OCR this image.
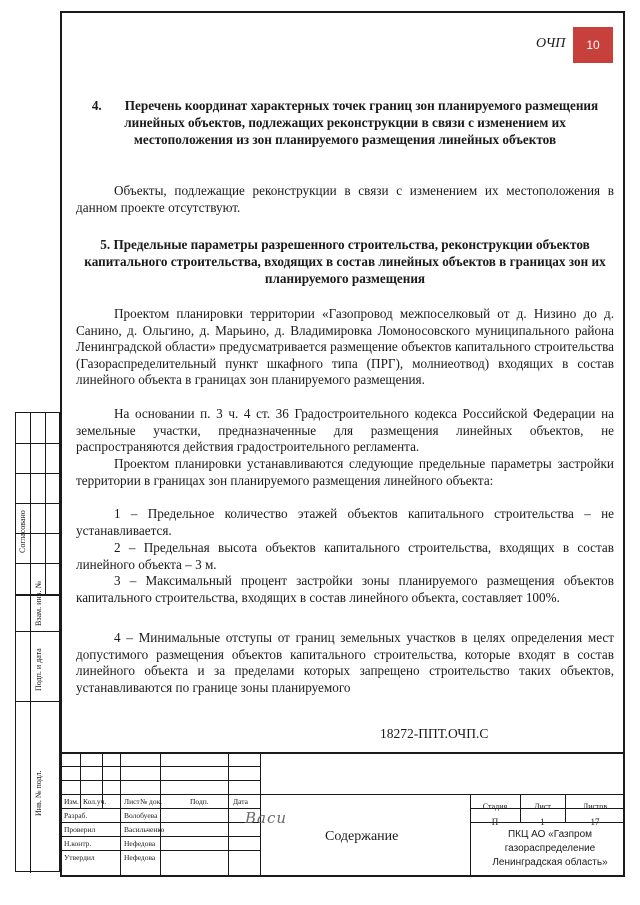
ОЧП	10
4.       Перечень координат характерных точек границ зон планируемого размещения линейных объектов, подлежащих реконструкции в связи с изменением их местоположения из зон планируемого размещения линейных объектов
Объекты, подлежащие реконструкции в связи с изменением их местоположения в данном проекте отсутствуют.
5. Предельные параметры разрешенного строительства, реконструкции объектов капитального строительства, входящих в состав линейных объектов в границах зон их планируемого размещения
Проектом планировки территории «Газопровод межпоселковый от д. Низино до д. Санино, д. Ольгино, д. Марьино, д. Владимировка Ломоносовского муниципального района Ленинградской области» предусматривается размещение объектов капитального строительства (Газораспределительный пункт шкафного типа (ПРГ), молниеотвод) входящих в состав линейного объекта в границах зон планируемого размещения.
На основании п. 3 ч. 4 ст. 36 Градостроительного кодекса Российской Федерации на земельные участки, предназначенные для размещения линейных объектов, не распространяются действия градостроительного регламента.
Проектом планировки устанавливаются следующие предельные параметры застройки территории в границах зон планируемого размещения линейного объекта:
1 – Предельное количество этажей объектов капитального строительства – не устанавливается.
2 – Предельная высота объектов капитального строительства, входящих в состав линейного объекта – 3 м.
3 – Максимальный процент застройки зоны планируемого размещения объектов капитального строительства, входящих в состав линейного объекта, составляет 100%.
4 – Минимальные отступы от границ земельных участков в целях определения мест допустимого размещения объектов капитального строительства, которые входят в состав линейного объекта и за пределами которых запрещено строительство таких объектов, устанавливаются по границе зоны планируемого
18272-ППТ.ОЧП.С
Изм. Кол.уч. Лист № док.	Подп.	Дата
Разраб.	Волобуева
Проверил	Васильченко
Н.контр.	Нефедова
Утвердил	Нефедова
Васи
Содержание
Стадия	Лист	Листов
П	1	17
ПКЦ АО «Газпром газораспределение Ленинградская область»
Согласовано
Взам. инв. №
Подп. и дата
Инв. № подл.
